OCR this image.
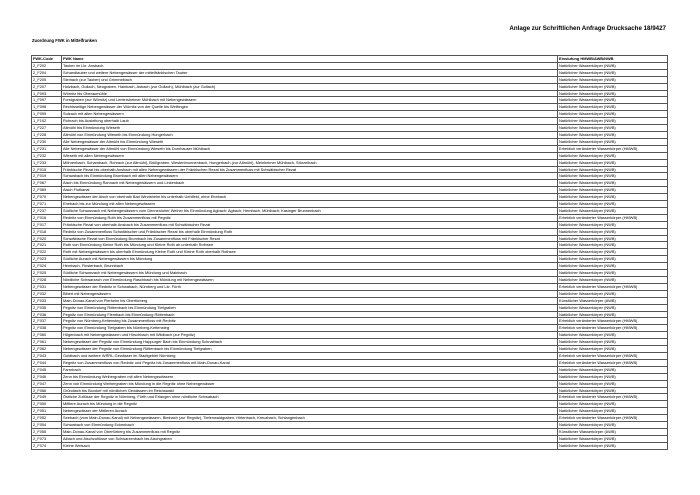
Anlage zur Schriftlichen Anfrage Drucksache 18/9427
Zuordnung FWK in Mittelfranken
FWK-Code	FWK Name	Einstufung HMWB/AWB/NWB
2_F202	Tauber im Lkr. Ansbach	Natürlicher Wasserkörper (NWB)
2_F204	Schandtauber und weitere Nebengewässer der mittelfränkischen Tauber	Natürlicher Wasserkörper (NWB)
2_F205	Steinach (zur Tauber) und Grimmelbach	Natürlicher Wasserkörper (NWB)
2_F207	Holzbach, Gollach, Neugraben, Hainbach, Asbach (zur Gollach), Mühlbach (zur Gollach)	Natürlicher Wasserkörper (NWB)
1_F093	Wörnitz bis Oberaumühle	Natürlicher Wasserkörper (NWB)
1_F097	Forstgraben (zur Wörnitz) und Lentersheimer Mühlbach mit Nebengewässern	Natürlicher Wasserkörper (NWB)
1_F098	Rechtsseitige Nebengewässer der Wörnitz von der Quelle bis Weiltingen	Natürlicher Wasserkörper (NWB)
1_F099	Sulzach mit allen Nebengewässern	Natürlicher Wasserkörper (NWB)
1_F102	Rohrach bis Ausleitung oberhalb Laub	Natürlicher Wasserkörper (NWB)
1_F227	Altmühl bis Einmündung Wieseth	Natürlicher Wasserkörper (NWB)
1_F228	Altmühl von Einmündung Wieseth bis Einmündung Hungerbach	Natürlicher Wasserkörper (NWB)
1_F230	Alle Nebengewässer der Altmühl bis Einmündung Wieseth	Natürlicher Wasserkörper (NWB)
1_F231	Alle Nebengewässer der Altmühl von Einmündung Wieseth bis Dornhauser Mühlbach	Erheblich veränderter Wasserkörper (HMWB)
1_F232	Wieseth mit allen Nebengewässern	Natürlicher Wasserkörper (NWB)
1_F233	Möhrenbach, Schambach, Rohrach (zur Altmühl), Brüllgraben, Westenbrunnenbach, Hungerbach (zur Altmühl), Meinheimer Mühlbach, Störzelbach	Natürlicher Wasserkörper (NWB)
2_F015	Fränkische Rezat bis oberhalb Ansbach mit allen Nebengewässern der Fränkischen Rezat bis Zusammenfluss mit Schwäbischer Rezat	Natürlicher Wasserkörper (NWB)
2_F019	Schwabach bis Einmündung Brombach mit allen Nebengewässern	Natürlicher Wasserkörper (NWB)
2_F067	Aisch bis Einmündung Rannach mit Nebengewässern und Linkenbach	Natürlicher Wasserkörper (NWB)
2_F069	Aisch Flutkanal	Natürlicher Wasserkörper (NWB)
2_F070	Nebengewässer der Aisch von oberhalb Bad Windsheim bis unterhalb Uehlfeld, ohne Ehebach	Natürlicher Wasserkörper (NWB)
2_F071	Ehebach bis zur Mündung mit allen Nebengewässern	Natürlicher Wasserkörper (NWB)
2_F237	Südliche Schwarzach mit Nebengewässern vom Dennenloher Weiher bis Einmündung Agbach; Agbach; Hembach, Mühlbach; Kasinger Brunnenbach	Natürlicher Wasserkörper (NWB)
2_F016	Rednitz von Einmündung Roth bis Zusammenfluss mit Pegnitz	Erheblich veränderter Wasserkörper (HMWB)
2_F017	Fränkische Rezat von oberhalb Ansbach bis Zusammenfluss mit Schwäbischer Rezat	Natürlicher Wasserkörper (NWB)
2_F018	Rednitz von Zusammenfluss Schwäbischer und Fränkischer Rezat bis oberhalb Einmündung Roth	Natürlicher Wasserkörper (NWB)
2_F020	Schwäbische Rezat von Einmündung Brombach bis Zusammenfluss mit Fränkischer Rezat	Natürlicher Wasserkörper (NWB)
2_F021	Roth von Einmündung Kleine Roth bis Mündung und Kleine Roth ab unterhalb Rothsee	Natürlicher Wasserkörper (NWB)
2_F022	Roth mit Nebengewässern bis oberhalb Einmündung Kleine Roth und Kleine Roth oberhalb Rothsee	Natürlicher Wasserkörper (NWB)
2_F023	Südliche Aurach mit Nebengewässern bis Mündung	Natürlicher Wasserkörper (NWB)
2_F024	Hembach, Finsterbach, Brunnbach	Natürlicher Wasserkörper (NWB)
2_F025	Südliche Schwarzach mit Nebengewässern bis Mündung und Mainbach	Natürlicher Wasserkörper (NWB)
2_F028	Nördliche Schwarzach von Einmündung Raschbach bis Mündung mit Nebengewässern	Natürlicher Wasserkörper (NWB)
2_F031	Nebengewässer der Rednitz in Schwabach, Nürnberg und Lkr. Fürth	Erheblich veränderter Wasserkörper (HMWB)
2_F032	Bibert mit Nebengewässern	Natürlicher Wasserkörper (NWB)
2_F033	Main-Donau-Kanal von Pierheim bis Oberfürberg	Künstlicher Wasserkörper (AWB)
2_F035	Pegnitz von Einmündung Röttenbach bis Einmündung Tiefgraben	Natürlicher Wasserkörper (NWB)
2_F036	Pegnitz von Einmündung Flembach bis Einmündung Röttenbach	Natürlicher Wasserkörper (NWB)
2_F037	Pegnitz von Nürnberg-Kettensteg bis Zusammenfluss mit Rednitz	Erheblich veränderter Wasserkörper (HMWB)
2_F038	Pegnitz von Einmündung Tiefgraben bis Nürnberg-Kettensteg	Erheblich veränderter Wasserkörper (HMWB)
2_F060	Högenbach mit Nebengewässern und Hirschbach mit Wildbach (zur Pegnitz)	Natürlicher Wasserkörper (NWB)
2_F061	Nebengewässer der Pegnitz von Einmündung Happurger Bach bis Einmündung Schnaittach	Natürlicher Wasserkörper (NWB)
2_F062	Nebengewässer der Pegnitz von Einmündung Röttenbach bis Einmündung Tiefgraben	Natürlicher Wasserkörper (NWB)
2_F043	Goldbach und weitere WRRL-Gewässer im Stadtgebiet Nürnberg	Erheblich veränderter Wasserkörper (HMWB)
2_F044	Regnitz von Zusammenfluss von Rednitz und Pegnitz bis Zusammenfluss mit Main-Donau-Kanal	Erheblich veränderter Wasserkörper (HMWB)
2_F045	Farrnbach	Natürlicher Wasserkörper (NWB)
2_F046	Zenn bis Einmündung Weihergraben mit allen Nebengewässern	Natürlicher Wasserkörper (NWB)
2_F047	Zenn von Einmündung Weihergraben bis Mündung in die Regnitz ohne Nebengewässer	Natürlicher Wasserkörper (NWB)
2_F066	Gründlach bis Boxdorf mit nördlichen Gewässern im Reichswald	Natürlicher Wasserkörper (NWB)
2_F049	Östliche Zuflüsse der Regnitz in Nürnberg, Fürth und Erlangen ohne nördliche Schwabach	Erheblich veränderter Wasserkörper (HMWB)
2_F050	Mittlere Aurach bis Mündung in die Regnitz	Natürlicher Wasserkörper (NWB)
2_F051	Nebengewässer der Mittleren Aurach	Natürlicher Wasserkörper (NWB)
2_F052	Seebach (vom Main-Donau-Kanal) mit Nebengewässern, Bimbach (zur Regnitz), Tiefenwaldgraben, Hirtenbach, Kreuzbach, Schlangenbach	Erheblich veränderter Wasserkörper (HMWB)
2_F054	Schwabach von Einmündung Eckenbach	Natürlicher Wasserkörper (NWB)
2_F055	Main-Donau-Kanal von Oberfürberg bis Zusammenfluss mit Regnitz	Künstlicher Wasserkörper (AWB)
2_F073	Albach und Aischzuflüsse von Schwarzenbach bis Aischgraben	Natürlicher Wasserkörper (NWB)
2_F074	Kleine Weisach	Natürlicher Wasserkörper (NWB)
